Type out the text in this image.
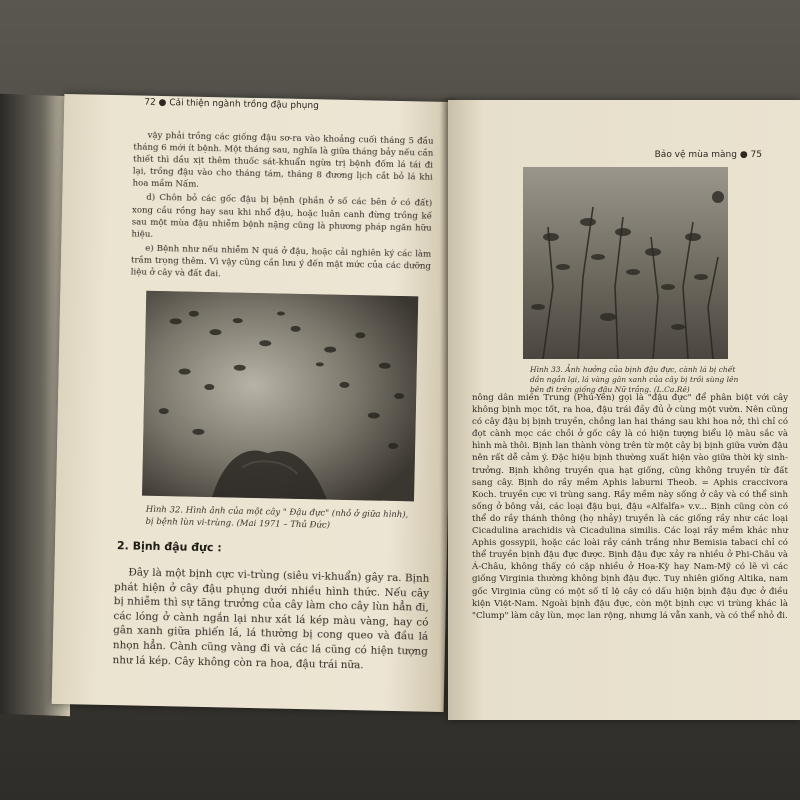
72 ● Cải thiện ngành trồng đậu phụng

vậy phải trồng các giống đậu sơ-ra vào khoảng cuối tháng 5 đầu tháng 6 mới ít bệnh. Một tháng sau, nghĩa là giữa tháng bảy nếu cần thiết thì dầu xịt thêm thuốc sát-khuẩn ngừa trị bệnh đốm lá tái đi lại, trồng đậu vào cho tháng tám, tháng 8 đương lịch cắt bỏ lá khi hoa mầm Nấm.

d) Chôn bỏ các gốc đậu bị bệnh (phần ở số các bên ở có đất) xong cầu rồng hay sau khi nhổ đậu, hoặc luân canh đừng trồng kế sau một mùa đậu nhiễm bệnh nặng cũng là phương pháp ngăn hữu hiệu.

e) Bệnh như nếu nhiễm N quá ở đậu, hoặc cải nghiên ký các làm trầm trọng thêm. Vì vậy cũng cần lưu ý đến mật mức của các dưỡng liệu ở cây và đất đai.

Hình 32. Hình ảnh của một cây " Đậu đực" (nhỏ ở giữa hình), bị bệnh lùn vi-trùng. (Mai 1971 – Thủ Đức)
2. Bịnh đậu đực :

Đây là một bịnh cực vi-trùng (siêu vi-khuẩn) gây ra. Bịnh phát hiện ở cây đậu phụng dưới nhiều hình thức. Nếu cây bị nhiễm thì sự tăng trưởng của cây làm cho cây lùn hẳn đi, các lóng ở cành ngắn lại như xát lá kép màu vàng, hay có gân xanh giữa phiến lá, lá thường bị cong queo và đầu lá nhọn hẳn. Cành cũng vàng đi và các lá cũng có hiện tượng như lá kép. Cây không còn ra hoa, đậu trái nữa.

Bảo vệ mùa màng ● 75
Hình 33. Ảnh hưởng của bịnh đậu đực, cành lá bị chết dần ngắn lại, lá vàng gân xanh của cây bị trồi sùng lên bên đi trên giống đậu Nữ trắng. (L.Ca.Rê)

nông dân miền Trung (Phú-Yên) gọi là "đậu đực" để phân biệt với cây không bịnh mọc tốt, ra hoa, đậu trái đầy đủ ở cùng một vườn. Nên cũng có cây đậu bị bịnh truyền, chồng lan hai tháng sau khi hoa nở, thì chỉ có đọt cành mọc các chồi ở gốc cây là có hiện tượng biểu lộ màu sắc và hình mà thôi. Bịnh lan thành vòng trên từ một cây bị bịnh giữa vườn đậu nên rất dễ cảm ý. Đặc hiệu bịnh thường xuất hiện vào giữa thời kỳ sinh-trưởng. Bịnh không truyền qua hạt giống, cũng không truyền từ đất sang cây. Bịnh do rầy mềm Aphis laburni Theob. = Aphis craccivora Koch. truyền cực vi trùng sang. Rầy mềm này sống ở cây và có thể sinh sống ở bông vải, các loại đậu bụi, đậu «Alfalfa» v.v... Bịnh cũng còn có thể do rầy thánh thông (họ nhảy) truyền là các giống rầy như các loại Cicadulina arachidis và Cicadulina similis. Các loại rầy mềm khác như Aphis gossypii, hoặc các loài rầy cánh trắng như Bemisia tabaci chỉ có thể truyền bịnh đậu đực được. Bịnh đậu đực xảy ra nhiều ở Phi-Châu và Á-Châu, không thấy có cặp nhiều ở Hoa-Kỳ hay Nam-Mỹ có lẽ vì các giống Virginia thường không bịnh đậu đực. Tuy nhiên giống Altika, nam gốc Virginia cũng có một số tỉ lệ cây có dấu hiện bịnh đậu đực ở điều kiện Việt-Nam. Ngoài bịnh đậu đực, còn một bịnh cực vi trùng khác là "Clump" làm cây lùn, mọc lan rộng, nhưng lá vẫn xanh, và có thể nhỏ đi.
